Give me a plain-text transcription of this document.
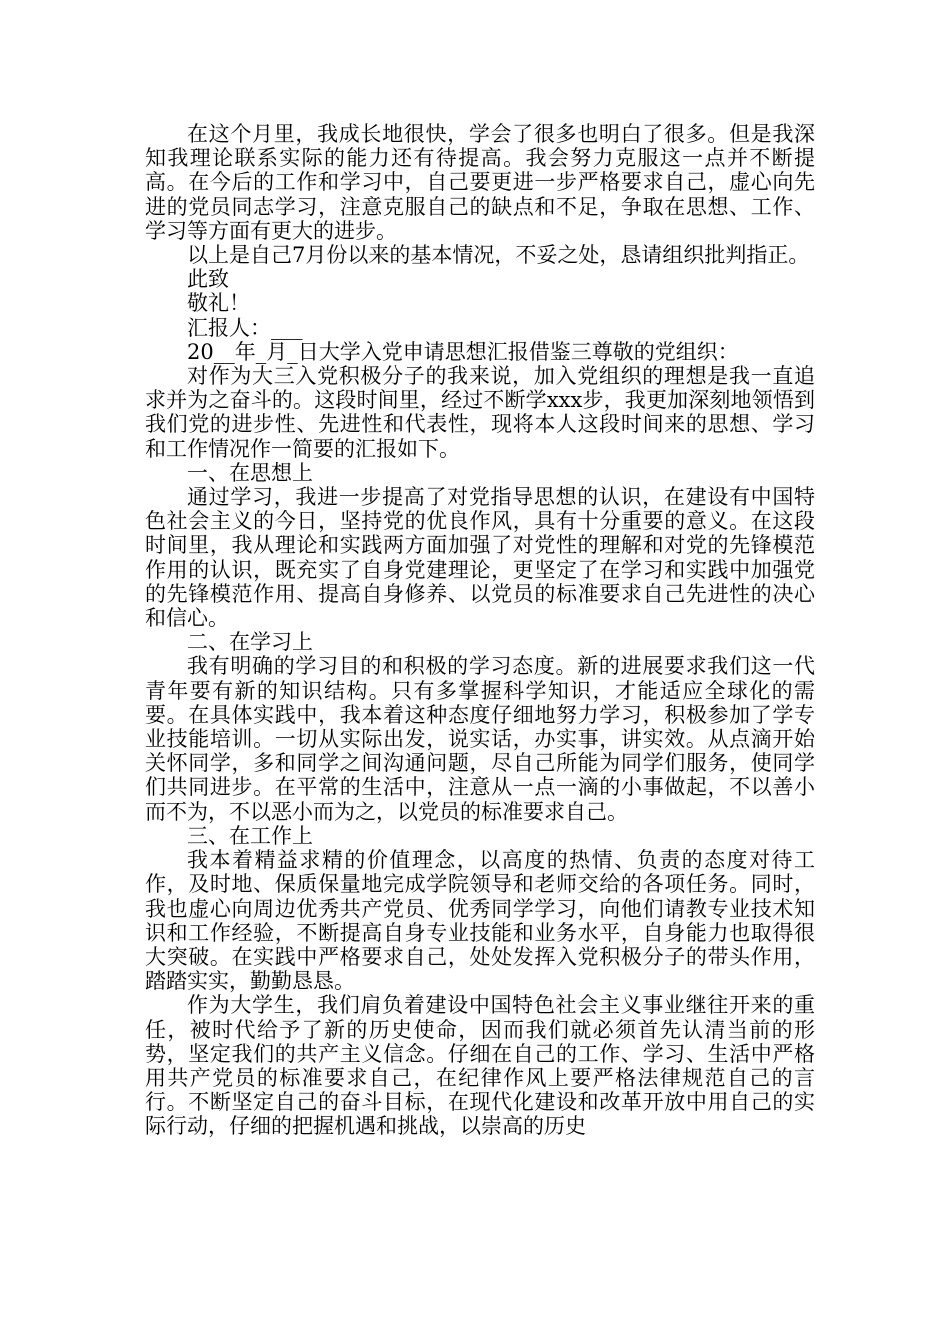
在这个月里，我成长地很快，学会了很多也明白了很多。但是我深知我理论联系实际的能力还有待提高。我会努力克服这一点并不断提高。在今后的工作和学习中，自己要更进一步严格要求自己，虚心向先进的党员同志学习，注意克服自己的缺点和不足，争取在思想、工作、学习等方面有更大的进步。

以上是自己7月份以来的基本情况，不妥之处，恳请组织批判指正。

此致

敬礼！

汇报人：___

20__年_月_日大学入党申请思想汇报借鉴三尊敬的党组织：

对作为大三入党积极分子的我来说，加入党组织的理想是我一直追求并为之奋斗的。这段时间里，经过不断学xxx步，我更加深刻地领悟到我们党的进步性、先进性和代表性，现将本人这段时间来的思想、学习和工作情况作一简要的汇报如下。

一、在思想上

通过学习，我进一步提高了对党指导思想的认识，在建设有中国特色社会主义的今日，坚持党的优良作风，具有十分重要的意义。在这段时间里，我从理论和实践两方面加强了对党性的理解和对党的先锋模范作用的认识，既充实了自身党建理论，更坚定了在学习和实践中加强党的先锋模范作用、提高自身修养、以党员的标准要求自己先进性的决心和信心。

二、在学习上

我有明确的学习目的和积极的学习态度。新的进展要求我们这一代青年要有新的知识结构。只有多掌握科学知识，才能适应全球化的需要。在具体实践中，我本着这种态度仔细地努力学习，积极参加了学专业技能培训。一切从实际出发，说实话，办实事，讲实效。从点滴开始关怀同学，多和同学之间沟通问题，尽自己所能为同学们服务，使同学们共同进步。在平常的生活中，注意从一点一滴的小事做起，不以善小而不为，不以恶小而为之，以党员的标准要求自己。

三、在工作上

我本着精益求精的价值理念，以高度的热情、负责的态度对待工作，及时地、保质保量地完成学院领导和老师交给的各项任务。同时，我也虚心向周边优秀共产党员、优秀同学学习，向他们请教专业技术知识和工作经验，不断提高自身专业技能和业务水平，自身能力也取得很大突破。在实践中严格要求自己，处处发挥入党积极分子的带头作用，踏踏实实，勤勤恳恳。

作为大学生，我们肩负着建设中国特色社会主义事业继往开来的重任，被时代给予了新的历史使命，因而我们就必须首先认清当前的形势，坚定我们的共产主义信念。仔细在自己的工作、学习、生活中严格用共产党员的标准要求自己，在纪律作风上要严格法律规范自己的言行。不断坚定自己的奋斗目标，在现代化建设和改革开放中用自己的实际行动，仔细的把握机遇和挑战，以崇高的历史
